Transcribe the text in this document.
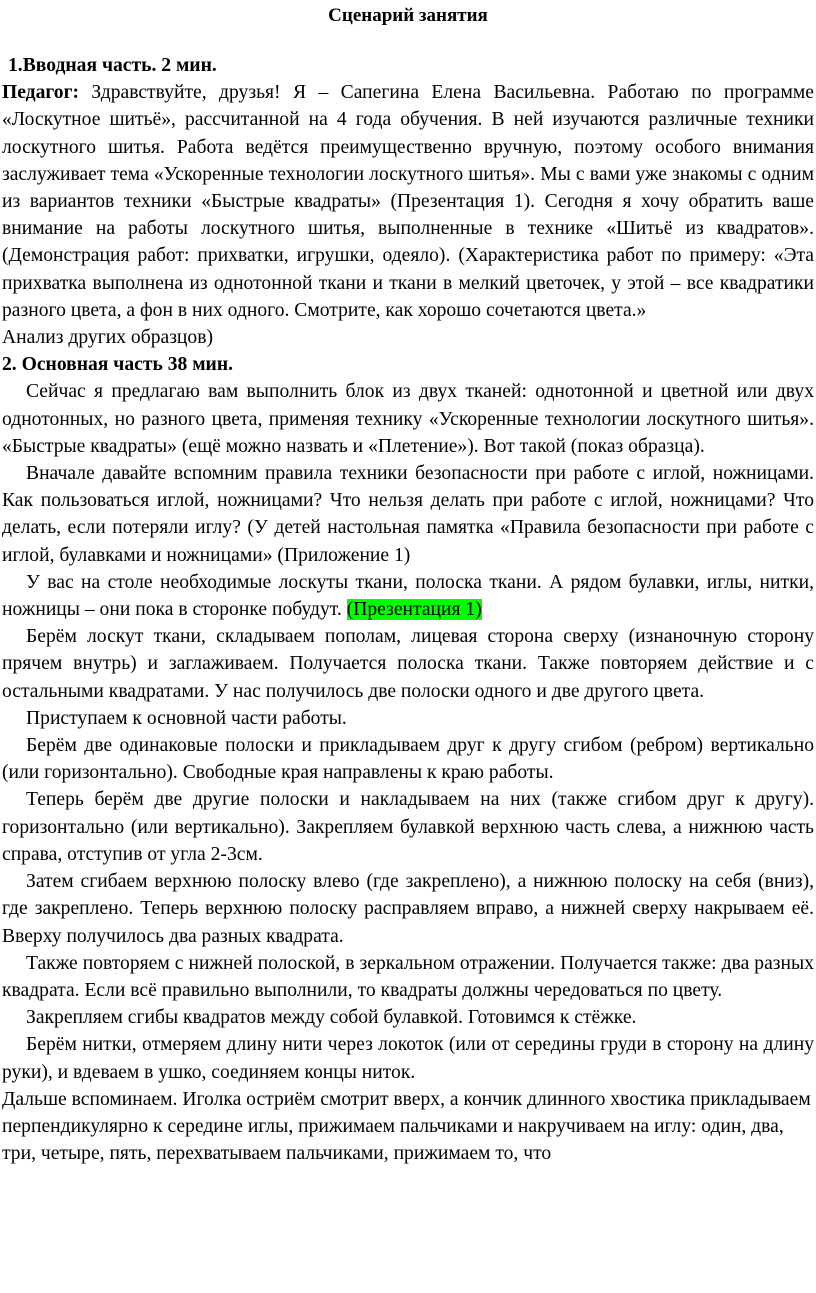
Сценарий занятия

1.Вводная часть. 2 мин.

Педагог: Здравствуйте, друзья! Я – Сапегина Елена Васильевна. Работаю по программе «Лоскутное шитьё», рассчитанной на 4 года обучения. В ней изучаются различные техники лоскутного шитья. Работа ведётся преимущественно вручную, поэтому особого внимания заслуживает тема «Ускоренные технологии лоскутного шитья». Мы с вами уже знакомы с одним из вариантов техники «Быстрые квадраты» (Презентация 1). Сегодня я хочу обратить ваше внимание на работы лоскутного шитья, выполненные в технике «Шитьё из квадратов». (Демонстрация работ: прихватки, игрушки, одеяло). (Характеристика работ по примеру: «Эта прихватка выполнена из однотонной ткани и ткани в мелкий цветочек, у этой – все квадратики разного цвета, а фон в них одного. Смотрите, как хорошо сочетаются цвета.»

Анализ других образцов)

2. Основная часть 38 мин.

Сейчас я предлагаю вам выполнить блок из двух тканей: однотонной и цветной или двух однотонных, но разного цвета, применяя технику «Ускоренные технологии лоскутного шитья». «Быстрые квадраты» (ещё можно назвать и «Плетение»). Вот такой (показ образца).

Вначале давайте вспомним правила техники безопасности при работе с иглой, ножницами. Как пользоваться иглой, ножницами? Что нельзя делать при работе с иглой, ножницами? Что делать, если потеряли иглу? (У детей настольная памятка «Правила безопасности при работе с иглой, булавками и ножницами» (Приложение 1)

У вас на столе необходимые лоскуты ткани, полоска ткани. А рядом булавки, иглы, нитки, ножницы – они пока в сторонке побудут. (Презентация 1)

Берём лоскут ткани, складываем пополам, лицевая сторона сверху (изнаночную сторону прячем внутрь) и заглаживаем. Получается полоска ткани. Также повторяем действие и с остальными квадратами. У нас получилось две полоски одного и две другого цвета.

Приступаем к основной части работы.

Берём две одинаковые полоски и прикладываем друг к другу сгибом (ребром) вертикально (или горизонтально). Свободные края направлены к краю работы.

Теперь берём две другие полоски и накладываем на них (также сгибом друг к другу). горизонтально (или вертикально). Закрепляем булавкой верхнюю часть слева, а нижнюю часть справа, отступив от угла 2-3см.

Затем сгибаем верхнюю полоску влево (где закреплено), а нижнюю полоску на себя (вниз), где закреплено. Теперь верхнюю полоску расправляем вправо, а нижней сверху накрываем её. Вверху получилось два разных квадрата.

Также повторяем с нижней полоской, в зеркальном отражении. Получается также: два разных квадрата. Если всё правильно выполнили, то квадраты должны чередоваться по цвету.

Закрепляем сгибы квадратов между собой булавкой. Готовимся к стёжке.

Берём нитки, отмеряем длину нити через локоток (или от середины груди в сторону на длину руки), и вдеваем в ушко, соединяем концы ниток.

Дальше вспоминаем. Иголка остриём смотрит вверх, а кончик длинного хвостика прикладываем перпендикулярно к середине иглы, прижимаем пальчиками и накручиваем на иглу: один, два, три, четыре, пять, перехватываем пальчиками, прижимаем то, что
